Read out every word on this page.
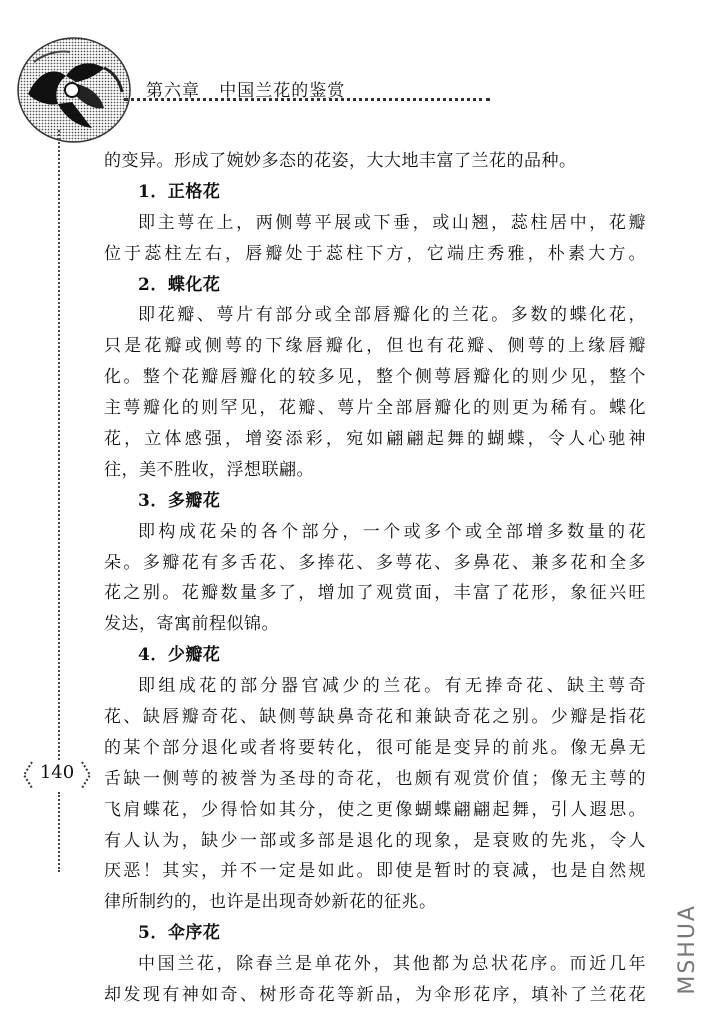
第六章   中国兰花的鉴赏
140
的变异。形成了婉妙多态的花姿，大大地丰富了兰花的品种。
1．正格花
即主萼在上，两侧萼平展或下垂，或山翘，蕊柱居中，花瓣
位于蕊柱左右，唇瓣处于蕊柱下方，它端庄秀雅，朴素大方。
2．蝶化花
即花瓣、萼片有部分或全部唇瓣化的兰花。多数的蝶化花，
只是花瓣或侧萼的下缘唇瓣化，但也有花瓣、侧萼的上缘唇瓣
化。整个花瓣唇瓣化的较多见，整个侧萼唇瓣化的则少见，整个
主萼瓣化的则罕见，花瓣、萼片全部唇瓣化的则更为稀有。蝶化
花，立体感强，增姿添彩，宛如翩翩起舞的蝴蝶，令人心驰神
往，美不胜收，浮想联翩。
3．多瓣花
即构成花朵的各个部分，一个或多个或全部增多数量的花
朵。多瓣花有多舌花、多捧花、多萼花、多鼻花、兼多花和全多
花之别。花瓣数量多了，增加了观赏面，丰富了花形，象征兴旺
发达，寄寓前程似锦。
4．少瓣花
即组成花的部分器官减少的兰花。有无捧奇花、缺主萼奇
花、缺唇瓣奇花、缺侧萼缺鼻奇花和兼缺奇花之别。少瓣是指花
的某个部分退化或者将要转化，很可能是变异的前兆。像无鼻无
舌缺一侧萼的被誉为圣母的奇花，也颇有观赏价值；像无主萼的
飞肩蝶花，少得恰如其分，使之更像蝴蝶翩翩起舞，引人遐思。
有人认为，缺少一部或多部是退化的现象，是衰败的先兆，令人
厌恶！其实，并不一定是如此。即使是暂时的衰减，也是自然规
律所制约的，也许是出现奇妙新花的征兆。
5．伞序花
中国兰花，除春兰是单花外，其他都为总状花序。而近几年
却发现有神如奇、树形奇花等新品，为伞形花序，填补了兰花花
MSHUA
